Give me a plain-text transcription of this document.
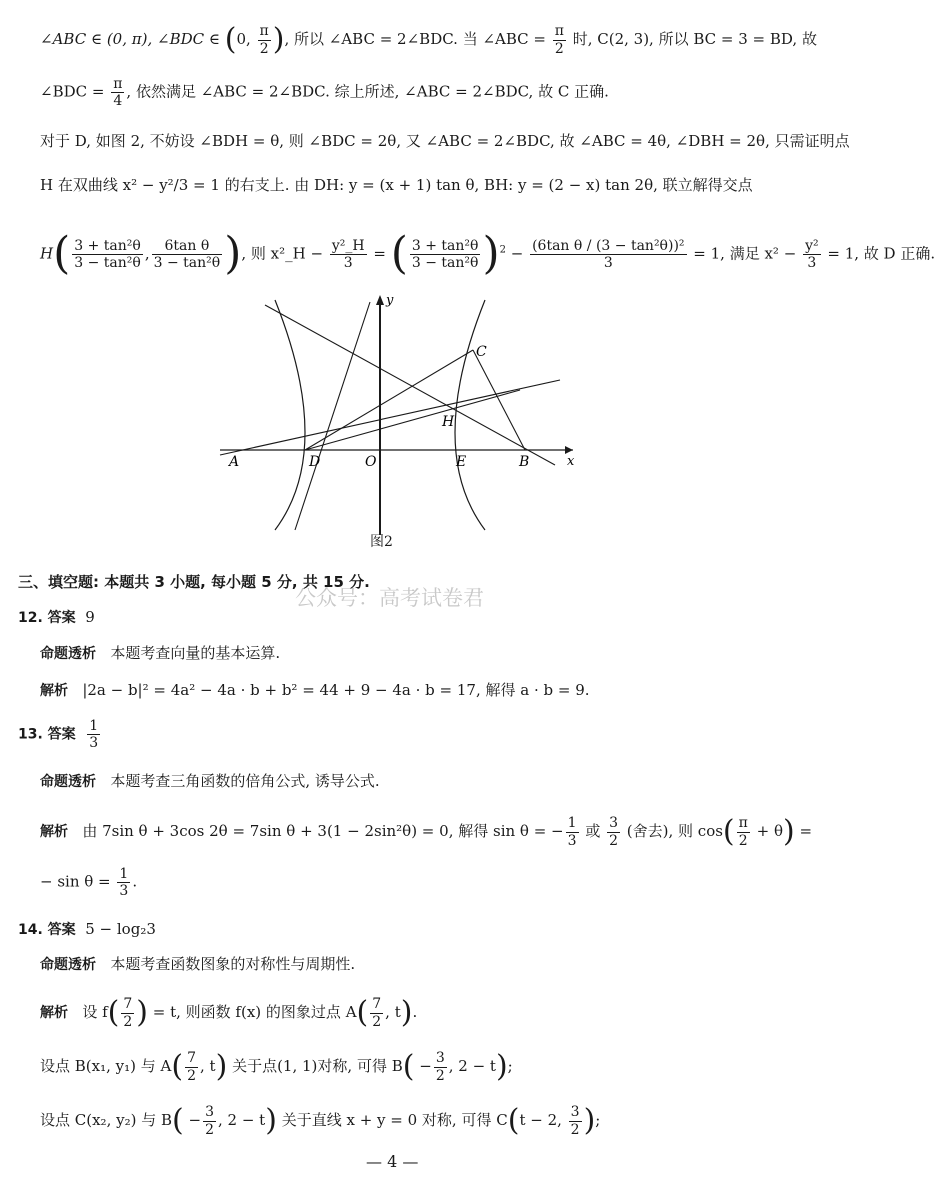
∠ABC ∈ (0, π), ∠BDC ∈ (0, $\frac{\pi}{2}$ ), 所以 ∠ABC = 2∠BDC. 当 ∠ABC = $\frac{\pi}{2}$ 时, C(2, 3), 所以 BC = 3 = BD, 故
∠BDC = $\frac{\pi}{4}$ , 依然满足 ∠ABC = 2∠BDC. 综上所述, ∠ABC = 2∠BDC, 故 C 正确.
对于 D, 如图 2, 不妨设 ∠BDH = θ, 则 ∠BDC = 2θ, 又 ∠ABC = 2∠BDC, 故 ∠ABC = 4θ, ∠DBH = 2θ, 只需证明点
H 在双曲线 x² − y²/3 = 1 的右支上. 由 DH: y = (x + 1) tan θ, BH: y = (2 − x) tan 2θ, 联立解得交点
$H( \frac{\text{3 + tan²θ}}{\text{3 − tan²θ}}$ , $\frac{\text{6tan θ}}{\text{3 − tan²θ}}$ ), 则 x²_H − $\frac{\text{y²\_H}}{3}$ = ( $\frac{\text{3 + tan²θ}}{\text{3 − tan²θ}} )^2 - \frac{\text{(6tan θ / (3 − tan²θ))²}}{3} = 1$, 满足 $x^2 - \frac{\text{y²}}{3} = 1$, 故 D 正确.
A	D	O	E	B
C
H
x
y
图2
三、填空题: 本题共 3 小题, 每小题 5 分, 共 15 分.
公众号：高考试卷君
12. 答案 9
命题透析 本题考查向量的基本运算.
解析 |2a − b|² = 4a² − 4a · b + b² = 44 + 9 − 4a · b = 17, 解得 a · b = 9.
13. 答案 $\frac{1}{3}$
命题透析 本题考查三角函数的倍角公式, 诱导公式.
解析 由 7sin θ + 3cos 2θ = 7sin θ + 3(1 − 2sin²θ) = 0, 解得 sin θ = − $\frac{1}{3}$ 或 $\frac{3}{2}$ (舍去), 则 $\cos( \frac{\pi}{2} + \theta)$ =
− $\sin \theta = \frac{1}{3}$ .
14. 答案 5 − log₂3
命题透析 本题考查函数图象的对称性与周期性.
解析 设 $f( \frac{7}{2}$ ) = t, 则函数 f(x) 的图象过点 $A( \frac{7}{2}$ , t).
设点 B(x₁, y₁) 与 $A( \frac{7}{2}$ , t) 关于点(1, 1)对称, 可得 $B( - \frac{3}{2}$ , 2 − t);
设点 C(x₂, y₂) 与 $B( - \frac{3}{2}$ , 2 − t) 关于直线 x + y = 0 对称, 可得 C(t − 2, $\frac{3}{2}$ );
— 4 —
